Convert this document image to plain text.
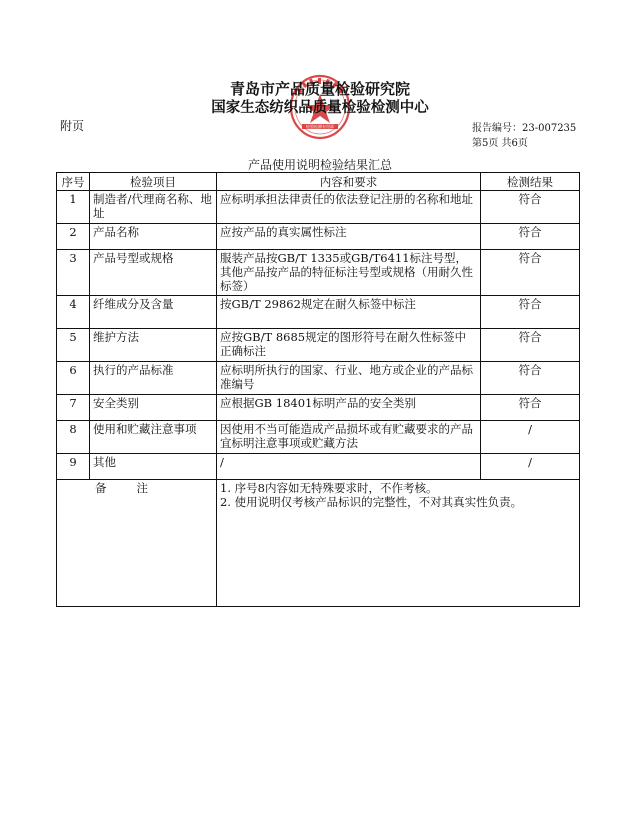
检验检测专用章
青岛市产品质量检验研究院
国家生态纺织品质量检验检测中心
附页	报告编号：23-007235
第5页 共6页
产品使用说明检验结果汇总
序号	检验项目	内容和要求	检测结果
1	制造者/代理商名称、地址	应标明承担法律责任的依法登记注册的名称和地址	符合
2	产品名称	应按产品的真实属性标注	符合
3	产品号型或规格	服装产品按GB/T 1335或GB/T6411标注号型，其他产品按产品的特征标注号型或规格（用耐久性标签）	符合
4	纤维成分及含量	按GB/T 29862规定在耐久标签中标注	符合
5	维护方法	应按GB/T 8685规定的图形符号在耐久性标签中正确标注	符合
6	执行的产品标准	应标明所执行的国家、行业、地方或企业的产品标准编号	符合
7	安全类别	应根据GB 18401标明产品的安全类别	符合
8	使用和贮藏注意事项	因使用不当可能造成产品损坏或有贮藏要求的产品宜标明注意事项或贮藏方法	/
9	其他	/	/
备注		1. 序号8内容如无特殊要求时，不作考核。
2. 使用说明仅考核产品标识的完整性，不对其真实性负责。	
